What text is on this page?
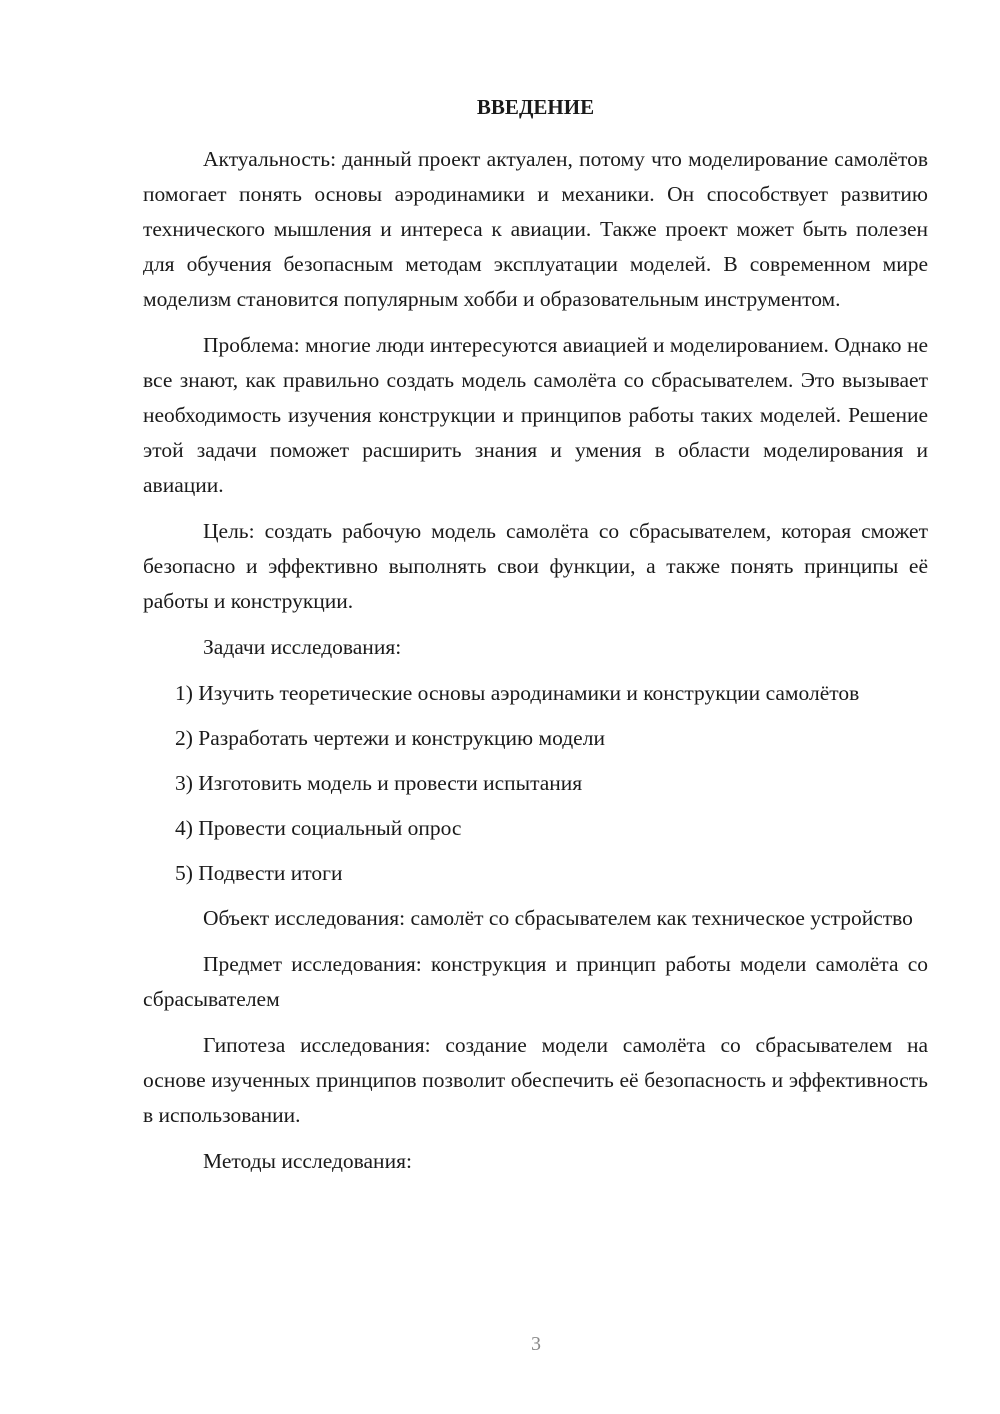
ВВЕДЕНИЕ

Актуальность: данный проект актуален, потому что моделирование самолётов помогает понять основы аэродинамики и механики. Он способствует развитию технического мышления и интереса к авиации. Также проект может быть полезен для обучения безопасным методам эксплуатации моделей. В современном мире моделизм становится популярным хобби и образовательным инструментом.

Проблема: многие люди интересуются авиацией и моделированием. Однако не все знают, как правильно создать модель самолёта со сбрасывателем. Это вызывает необходимость изучения конструкции и принципов работы таких моделей. Решение этой задачи поможет расширить знания и умения в области моделирования и авиации.

Цель: создать рабочую модель самолёта со сбрасывателем, которая сможет безопасно и эффективно выполнять свои функции, а также понять принципы её работы и конструкции.

Задачи исследования:

1) Изучить теоретические основы аэродинамики и конструкции самолётов
2) Разработать чертежи и конструкцию модели
3) Изготовить модель и провести испытания
4) Провести социальный опрос
5) Подвести итоги

Объект исследования: самолёт со сбрасывателем как техническое устройство

Предмет исследования: конструкция и принцип работы модели самолёта со сбрасывателем

Гипотеза исследования: создание модели самолёта со сбрасывателем на основе изученных принципов позволит обеспечить её безопасность и эффективность в использовании.

Методы исследования:

3
